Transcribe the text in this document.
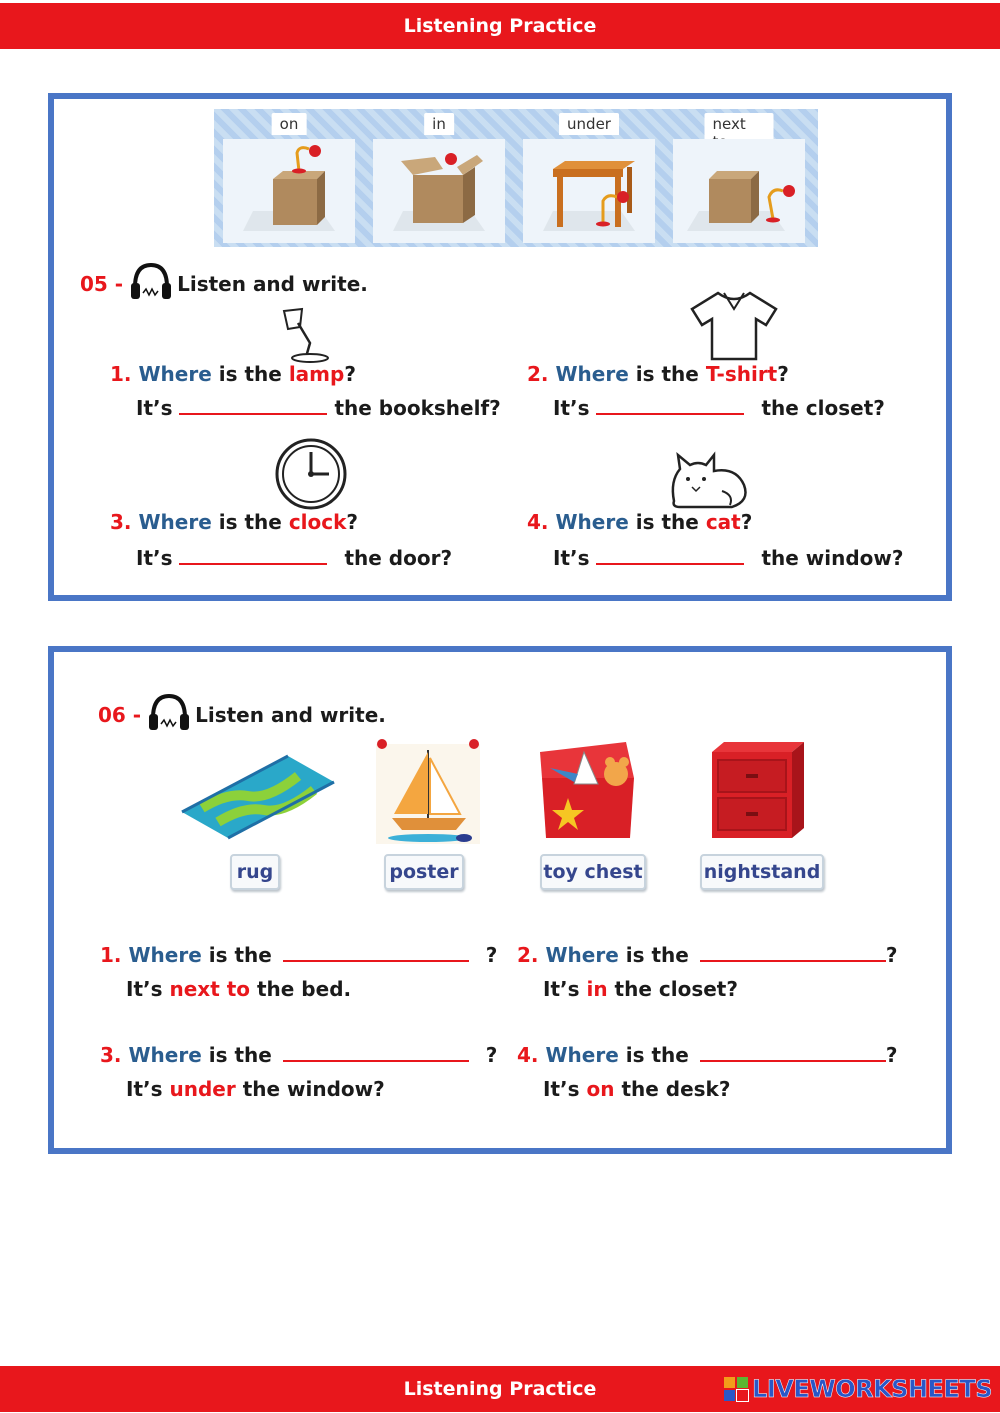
Listening Practice
on	in	under	next
05 -	Listen and write.
1. Where is the lamp?
It’s	the bookshelf?
2. Where is the T-shirt?
It’s	the closet?
3. Where is the clock?
It’s	the door?
4. Where is the cat?
It’s	the window?
06 -	Listen and write.
rug	poster	toy chest	nightstand
1. Where is the	?
It’s next to the bed.
2. Where is the	?
It’s in the closet?
3. Where is the	?
It’s under the window?
4. Where is the	?
It’s on the desk?
Listening Practice	LIVEWORKSHEETS
